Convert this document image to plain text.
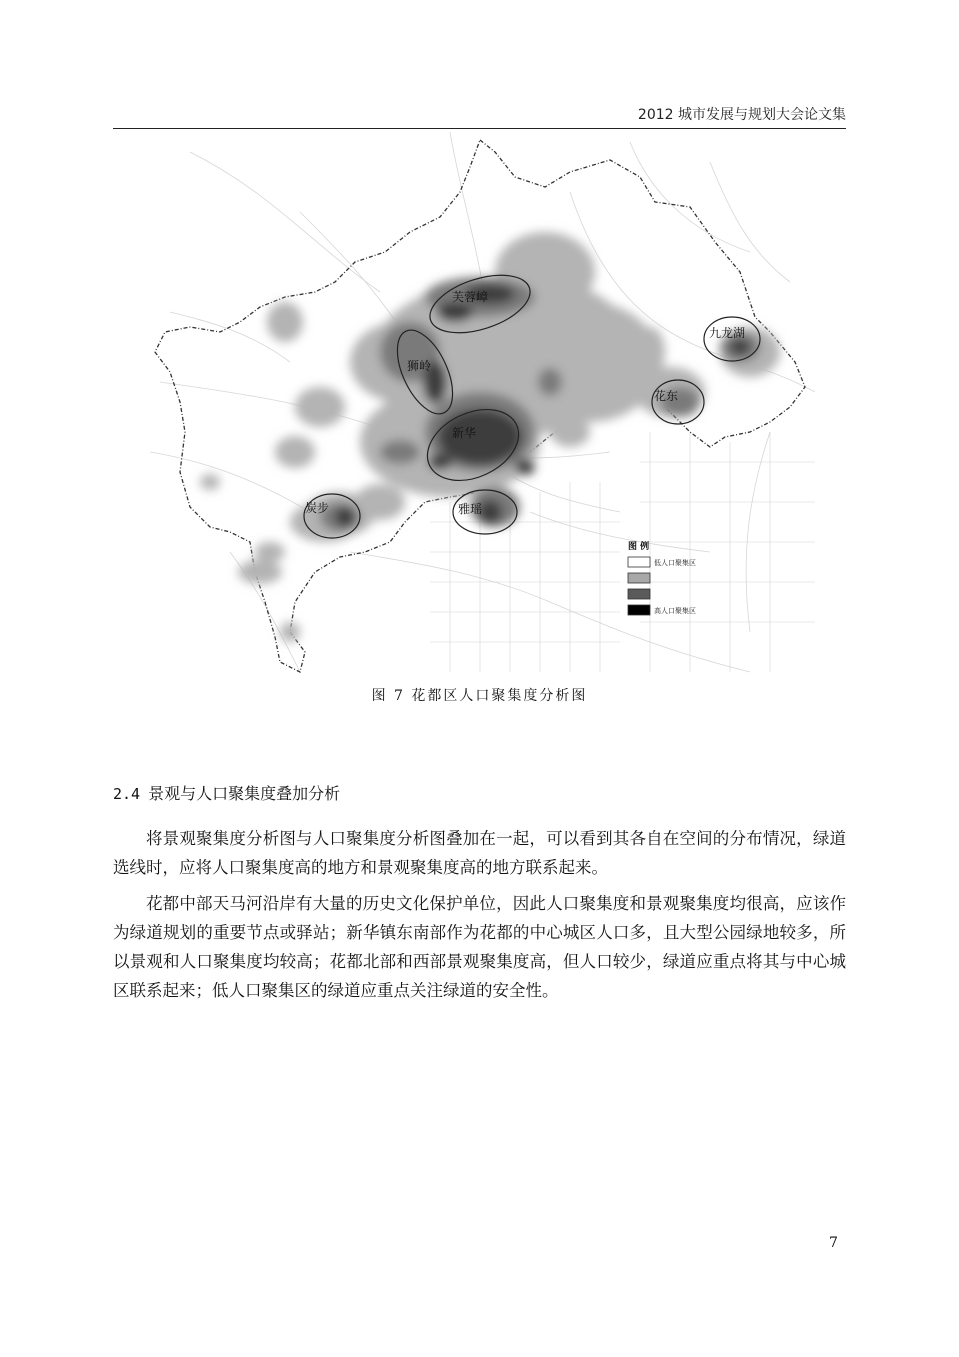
2012 城市发展与规划大会论文集
芙蓉嶂
狮岭
九龙湖
花东
新华
炭步	雅瑶
图 例
低人口聚集区
高人口聚集区
图 7 花都区人口聚集度分析图
2.4 景观与人口聚集度叠加分析

将景观聚集度分析图与人口聚集度分析图叠加在一起，可以看到其各自在空间的分布情况，绿道选线时，应将人口聚集度高的地方和景观聚集度高的地方联系起来。

花都中部天马河沿岸有大量的历史文化保护单位，因此人口聚集度和景观聚集度均很高，应该作为绿道规划的重要节点或驿站；新华镇东南部作为花都的中心城区人口多，且大型公园绿地较多，所以景观和人口聚集度均较高；花都北部和西部景观聚集度高，但人口较少，绿道应重点将其与中心城区联系起来；低人口聚集区的绿道应重点关注绿道的安全性。

7
